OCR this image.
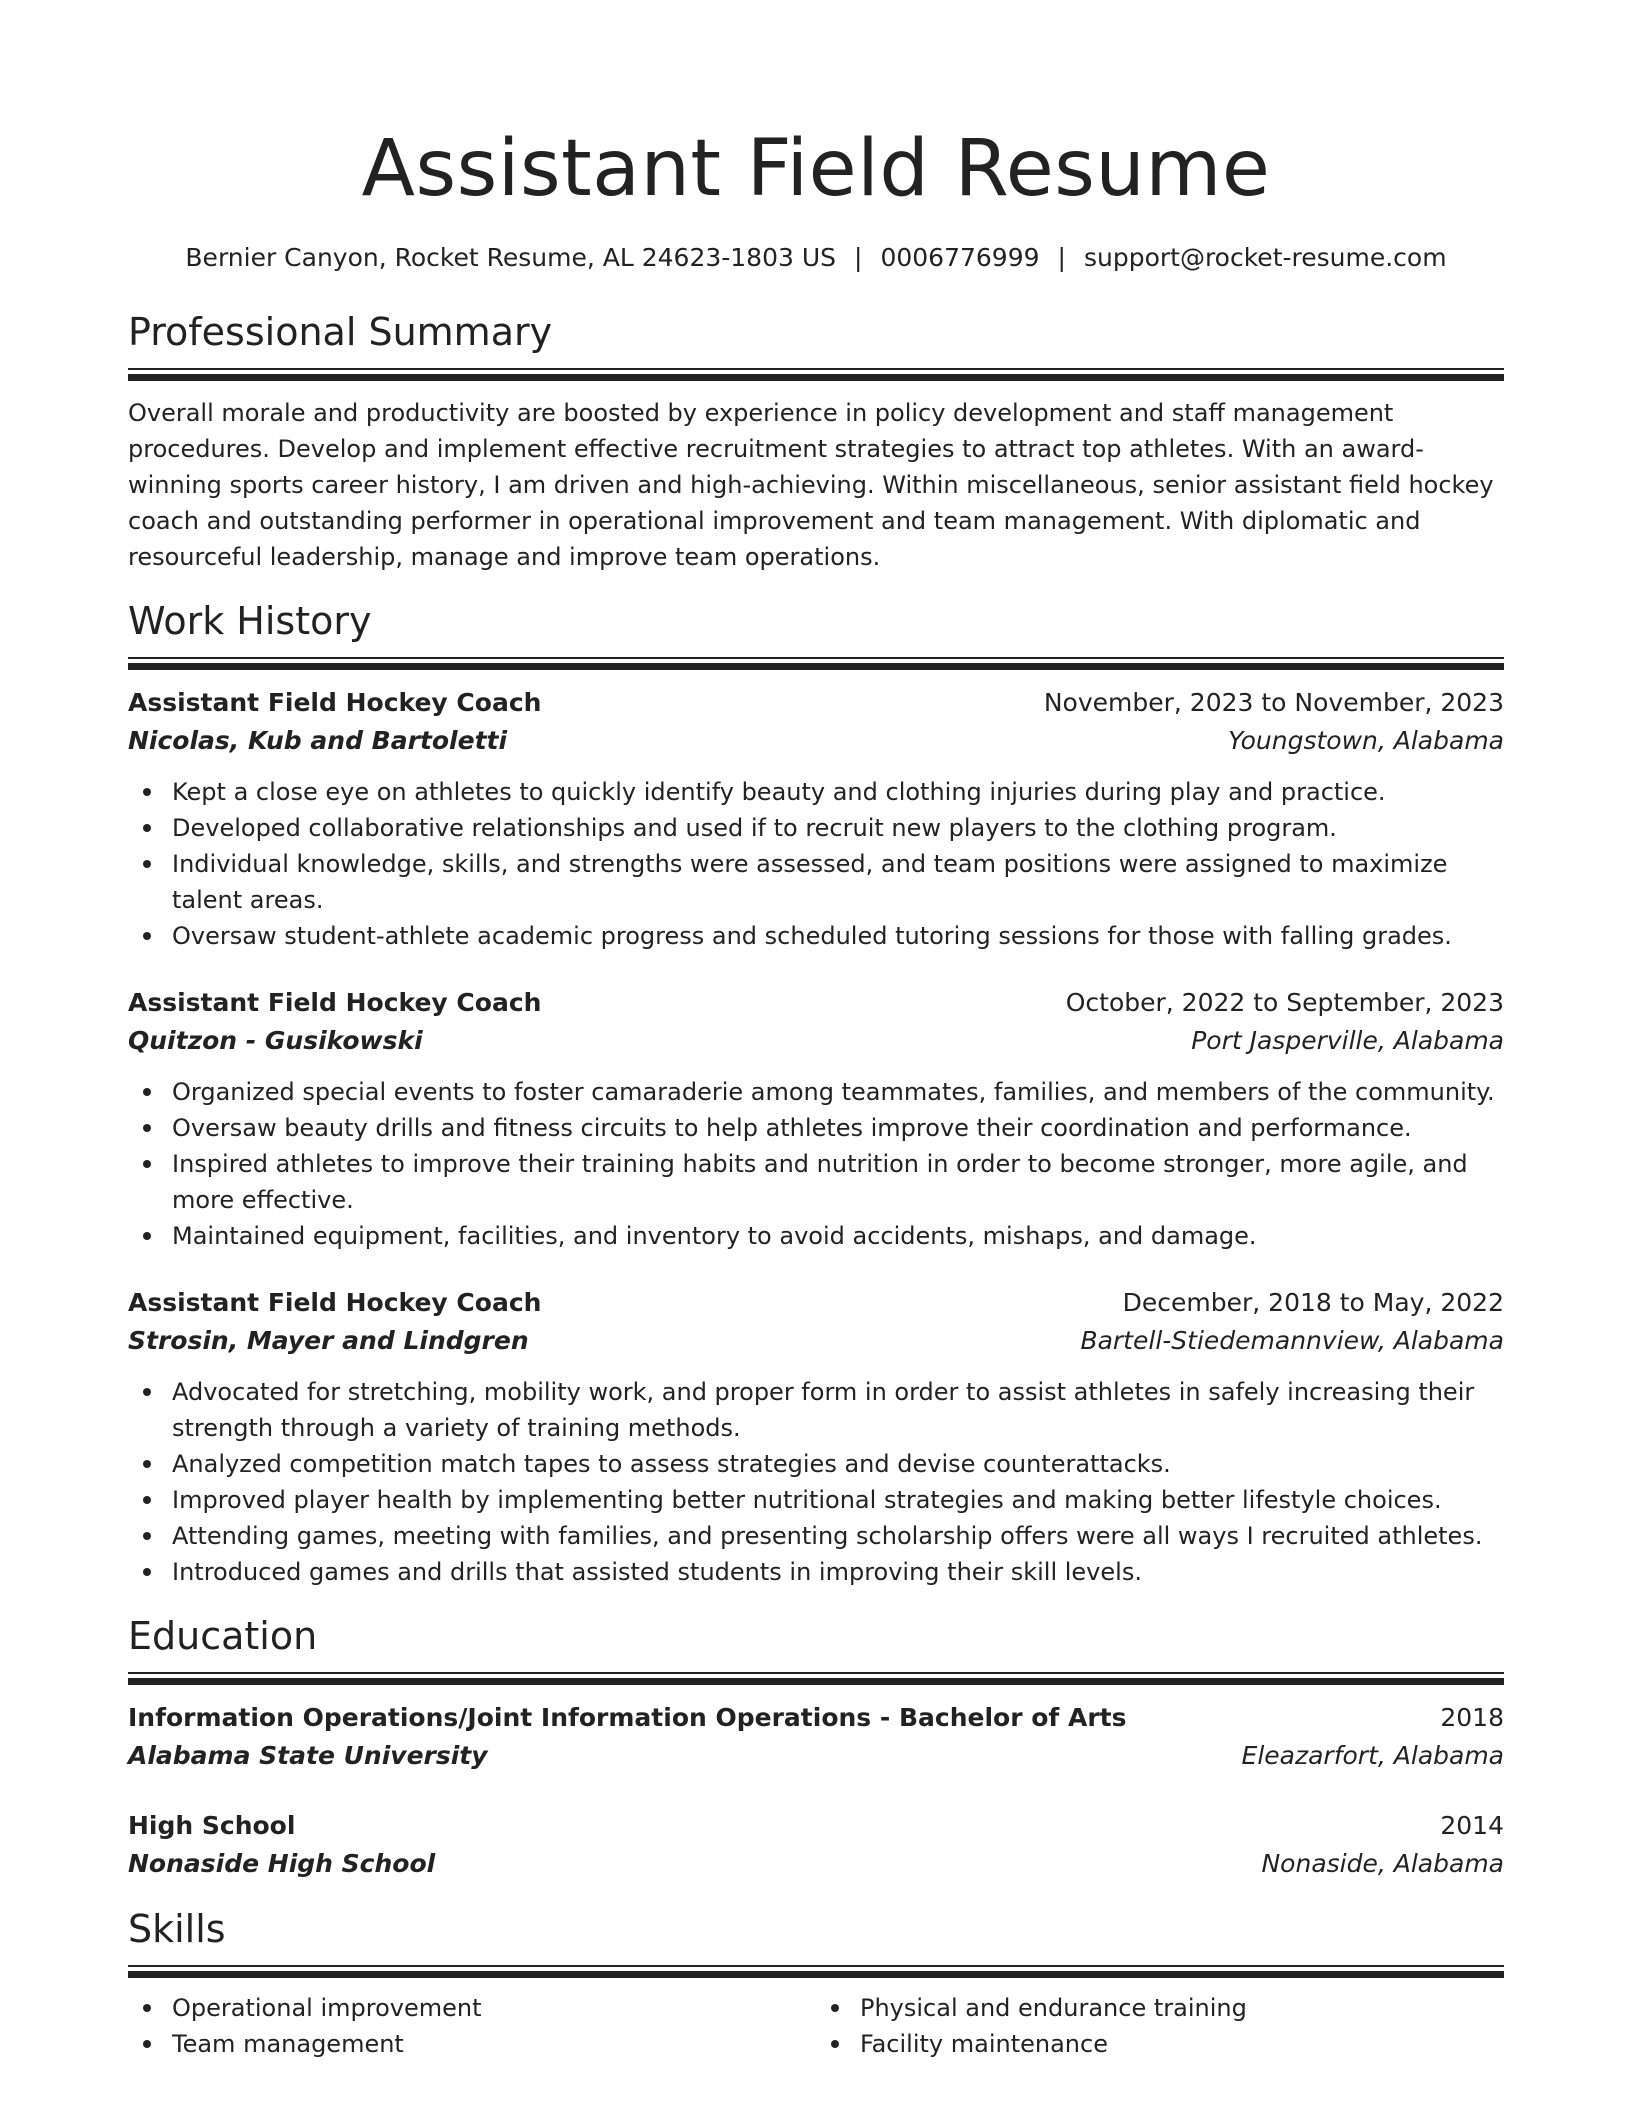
Assistant Field Resume
Bernier Canyon, Rocket Resume, AL 24623-1803 US | 0006776999 | support@rocket-resume.com
Professional Summary

Overall morale and productivity are boosted by experience in policy development and staff management procedures. Develop and implement effective recruitment strategies to attract top athletes. With an award-winning sports career history, I am driven and high-achieving. Within miscellaneous, senior assistant field hockey coach and outstanding performer in operational improvement and team management. With diplomatic and resourceful leadership, manage and improve team operations.

Work History
Assistant Field Hockey Coach	November, 2023 to November, 2023
Nicolas, Kub and Bartoletti	Youngstown, Alabama
Kept a close eye on athletes to quickly identify beauty and clothing injuries during play and practice.
Developed collaborative relationships and used if to recruit new players to the clothing program.
Individual knowledge, skills, and strengths were assessed, and team positions were assigned to maximize talent areas.
Oversaw student-athlete academic progress and scheduled tutoring sessions for those with falling grades.
Assistant Field Hockey Coach	October, 2022 to September, 2023
Quitzon - Gusikowski	Port Jasperville, Alabama
Organized special events to foster camaraderie among teammates, families, and members of the community.
Oversaw beauty drills and fitness circuits to help athletes improve their coordination and performance.
Inspired athletes to improve their training habits and nutrition in order to become stronger, more agile, and more effective.
Maintained equipment, facilities, and inventory to avoid accidents, mishaps, and damage.
Assistant Field Hockey Coach	December, 2018 to May, 2022
Strosin, Mayer and Lindgren	Bartell-Stiedemannview, Alabama
Advocated for stretching, mobility work, and proper form in order to assist athletes in safely increasing their strength through a variety of training methods.
Analyzed competition match tapes to assess strategies and devise counterattacks.
Improved player health by implementing better nutritional strategies and making better lifestyle choices.
Attending games, meeting with families, and presenting scholarship offers were all ways I recruited athletes.
Introduced games and drills that assisted students in improving their skill levels.
Education
Information Operations/Joint Information Operations - Bachelor of Arts	2018
Alabama State University	Eleazarfort, Alabama
High School	2014
Nonaside High School	Nonaside, Alabama
Skills
Operational improvement
Team management
Physical and endurance training
Facility maintenance
